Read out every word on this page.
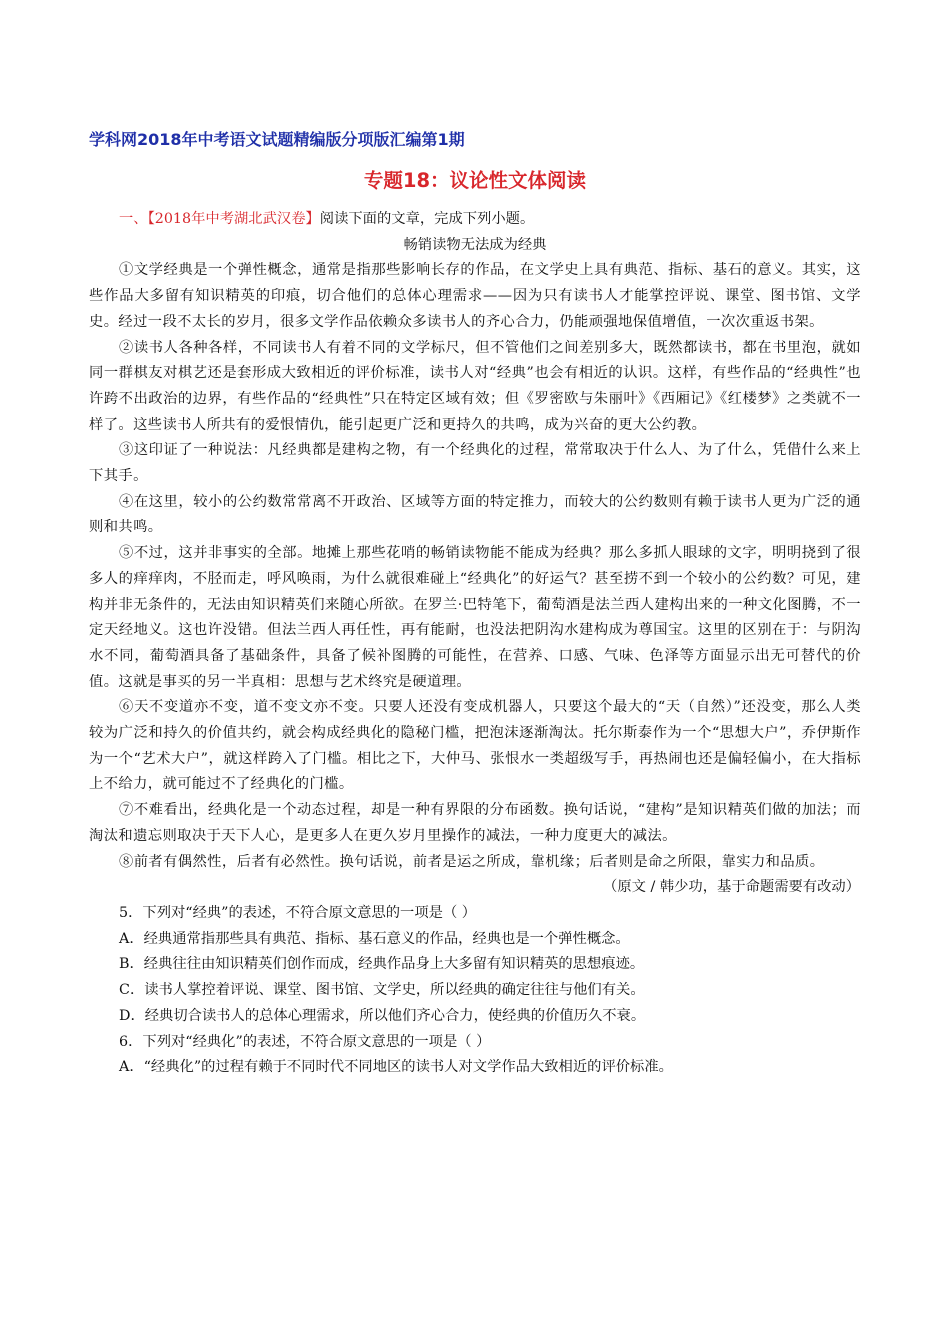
学科网2018年中考语文试题精编版分项版汇编第1期
专题18：议论性文体阅读

一、【2018年中考湖北武汉卷】阅读下面的文章，完成下列小题。

畅销读物无法成为经典

①文学经典是一个弹性概念，通常是指那些影响长存的作品，在文学史上具有典范、指标、基石的意义。其实，这些作品大多留有知识精英的印痕，切合他们的总体心理需求——因为只有读书人才能掌控评说、课堂、图书馆、文学史。经过一段不太长的岁月，很多文学作品依赖众多读书人的齐心合力，仍能顽强地保值增值，一次次重返书架。

②读书人各种各样，不同读书人有着不同的文学标尺，但不管他们之间差别多大，既然都读书，都在书里泡，就如同一群棋友对棋艺还是套形成大致相近的评价标准，读书人对“经典”也会有相近的认识。这样，有些作品的“经典性”也许跨不出政治的边界，有些作品的“经典性”只在特定区域有效；但《罗密欧与朱丽叶》《西厢记》《红楼梦》之类就不一样了。这些读书人所共有的爱恨情仇，能引起更广泛和更持久的共鸣，成为兴奋的更大公约教。

③这印证了一种说法：凡经典都是建构之物，有一个经典化的过程，常常取决于什么人、为了什么，凭借什么来上下其手。

④在这里，较小的公约数常常离不开政治、区域等方面的特定推力，而较大的公约数则有赖于读书人更为广泛的通则和共鸣。

⑤不过，这并非事实的全部。地摊上那些花哨的畅销读物能不能成为经典？那么多抓人眼球的文字，明明挠到了很多人的痒痒肉，不胫而走，呼风唤雨，为什么就很难碰上“经典化”的好运气？甚至捞不到一个较小的公约数？可见，建构并非无条件的，无法由知识精英们来随心所欲。在罗兰·巴特笔下，葡萄酒是法兰西人建构出来的一种文化图腾，不一定天经地义。这也许没错。但法兰西人再任性，再有能耐，也没法把阴沟水建构成为尊国宝。这里的区别在于：与阴沟水不同，葡萄酒具备了基础条件，具备了候补图腾的可能性，在营养、口感、气味、色泽等方面显示出无可替代的价值。这就是事买的另一半真相：思想与艺术终究是硬道理。

⑥天不变道亦不变，道不变文亦不变。只要人还没有变成机器人，只要这个最大的“天（自然）”还没变，那么人类较为广泛和持久的价值共约，就会构成经典化的隐秘门槛，把泡沫逐渐淘汰。托尔斯泰作为一个“思想大户”，乔伊斯作为一个“艺术大户”，就这样跨入了门槛。相比之下，大仲马、张恨水一类超级写手，再热闹也还是偏轻偏小，在大指标上不给力，就可能过不了经典化的门槛。

⑦不难看出，经典化是一个动态过程，却是一种有界限的分布函数。换句话说，“建构”是知识精英们做的加法；而淘汰和遗忘则取决于天下人心，是更多人在更久岁月里操作的减法，一种力度更大的减法。

⑧前者有偶然性，后者有必然性。换句话说，前者是运之所成，靠机缘；后者则是命之所限，靠实力和品质。

（原文 / 韩少功，基于命题需要有改动）

5．下列对“经典”的表述，不符合原文意思的一项是（ ）

A．经典通常指那些具有典范、指标、基石意义的作品，经典也是一个弹性概念。

B．经典往往由知识精英们创作而成，经典作品身上大多留有知识精英的思想痕迹。

C．读书人掌控着评说、课堂、图书馆、文学史，所以经典的确定往往与他们有关。

D．经典切合读书人的总体心理需求，所以他们齐心合力，使经典的价值历久不衰。

6．下列对“经典化”的表述，不符合原文意思的一项是（ ）

A．“经典化”的过程有赖于不同时代不同地区的读书人对文学作品大致相近的评价标准。
